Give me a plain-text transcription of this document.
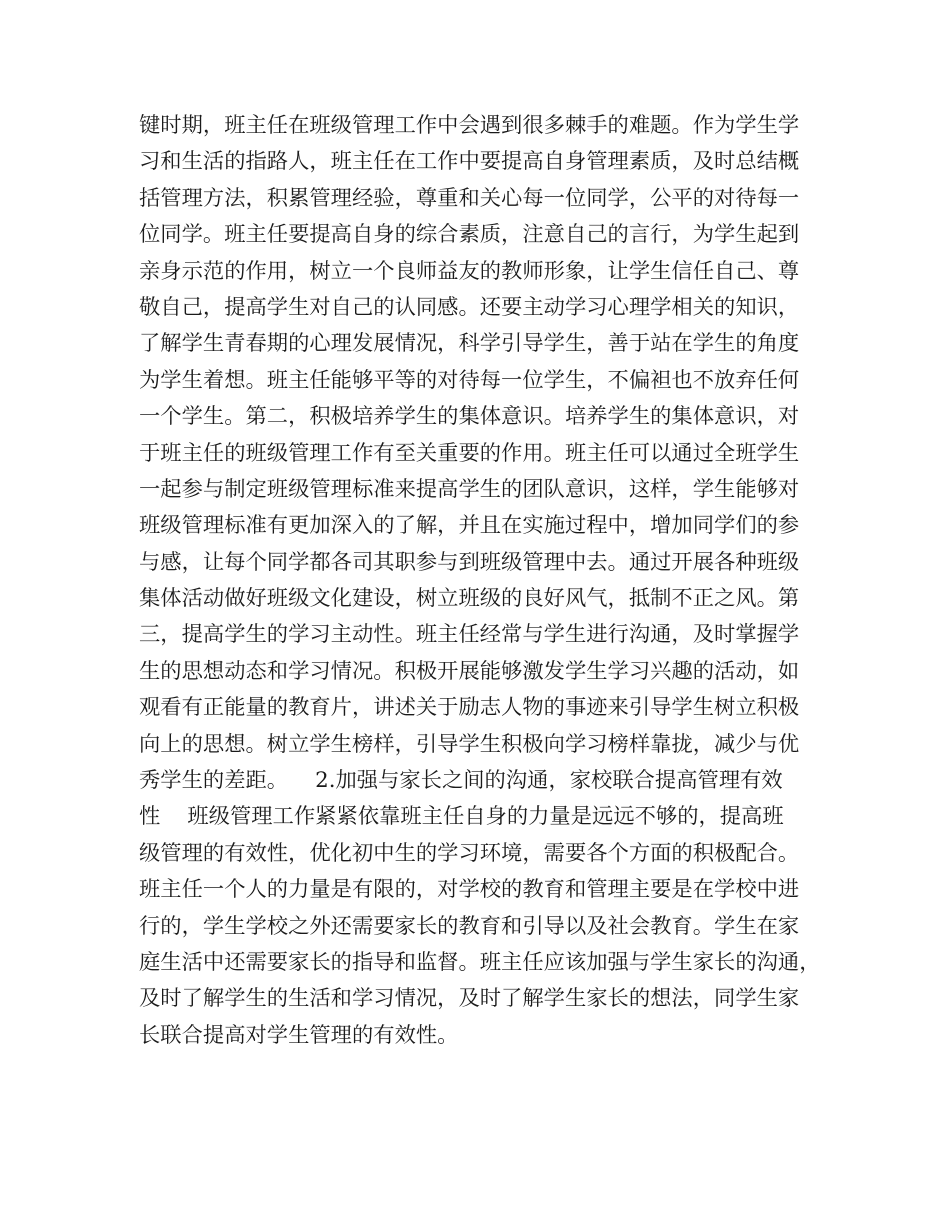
键时期，班主任在班级管理工作中会遇到很多棘手的难题。作为学生学
习和生活的指路人，班主任在工作中要提高自身管理素质，及时总结概
括管理方法，积累管理经验，尊重和关心每一位同学，公平的对待每一
位同学。班主任要提高自身的综合素质，注意自己的言行，为学生起到
亲身示范的作用，树立一个良师益友的教师形象，让学生信任自己、尊
敬自己，提高学生对自己的认同感。还要主动学习心理学相关的知识，
了解学生青春期的心理发展情况，科学引导学生，善于站在学生的角度
为学生着想。班主任能够平等的对待每一位学生，不偏袒也不放弃任何
一个学生。第二，积极培养学生的集体意识。培养学生的集体意识，对
于班主任的班级管理工作有至关重要的作用。班主任可以通过全班学生
一起参与制定班级管理标准来提高学生的团队意识，这样，学生能够对
班级管理标准有更加深入的了解，并且在实施过程中，增加同学们的参
与感，让每个同学都各司其职参与到班级管理中去。通过开展各种班级
集体活动做好班级文化建设，树立班级的良好风气，抵制不正之风。第
三，提高学生的学习主动性。班主任经常与学生进行沟通，及时掌握学
生的思想动态和学习情况。积极开展能够激发学生学习兴趣的活动，如
观看有正能量的教育片，讲述关于励志人物的事迹来引导学生树立积极
向上的思想。树立学生榜样，引导学生积极向学习榜样靠拢，减少与优
秀学生的差距。    2.加强与家长之间的沟通，家校联合提高管理有效
性    班级管理工作紧紧依靠班主任自身的力量是远远不够的，提高班
级管理的有效性，优化初中生的学习环境，需要各个方面的积极配合。
班主任一个人的力量是有限的，对学校的教育和管理主要是在学校中进
行的，学生学校之外还需要家长的教育和引导以及社会教育。学生在家
庭生活中还需要家长的指导和监督。班主任应该加强与学生家长的沟通，
及时了解学生的生活和学习情况，及时了解学生家长的想法，同学生家
长联合提高对学生管理的有效性。
